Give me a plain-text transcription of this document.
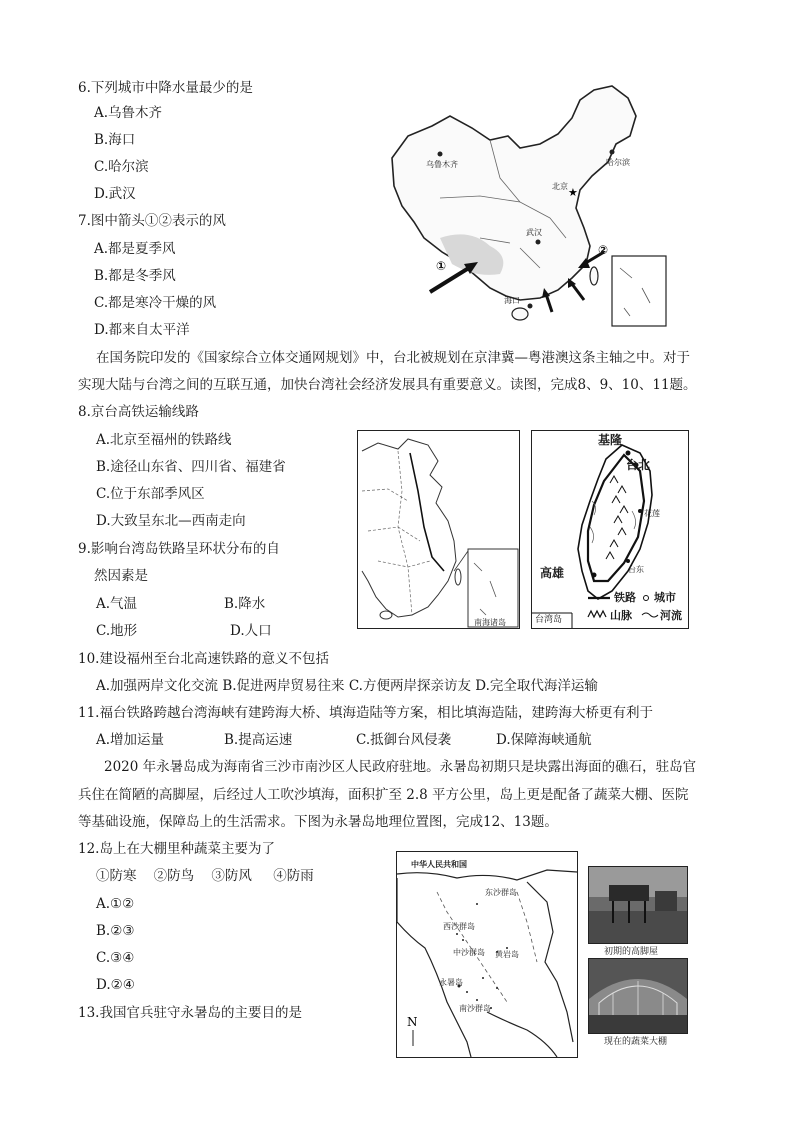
6.下列城市中降水量最少的是
A.乌鲁木齐
B.海口
C.哈尔滨
D.武汉
7.图中箭头①②表示的风
A.都是夏季风
B.都是冬季风
C.都是寒冷干燥的风
D.都来自太平洋
★
乌鲁木齐	哈尔滨
北京
武汉
海口
①
②
在国务院印发的《国家综合立体交通网规划》中，台北被规划在京津冀—粤港澳这条主轴之中。对于
实现大陆与台湾之间的互联互通，加快台湾社会经济发展具有重要意义。读图，完成8、9、10、11题。
8.京台高铁运输线路
A.北京至福州的铁路线
B.途径山东省、四川省、福建省
C.位于东部季风区
D.大致呈东北—西南走向
9.影响台湾岛铁路呈环状分布的自
然因素是
A.气温	B.降水
C.地形	D.人口
南海诸岛
基隆
台北
高雄
花莲
台东
铁路 城市
山脉	河流
台湾岛
10.建设福州至台北高速铁路的意义不包括
A.加强两岸文化交流 B.促进两岸贸易往来 C.方便两岸探亲访友 D.完全取代海洋运输
11.福台铁路跨越台湾海峡有建跨海大桥、填海造陆等方案，相比填海造陆，建跨海大桥更有利于
A.增加运量	B.提高运速	C.抵御台风侵袭	D.保障海峡通航
2020 年永暑岛成为海南省三沙市南沙区人民政府驻地。永暑岛初期只是块露出海面的礁石，驻岛官
兵住在简陋的高脚屋，后经过人工吹沙填海，面积扩至 2.8 平方公里，岛上更是配备了蔬菜大棚、医院
等基础设施，保障岛上的生活需求。下图为永暑岛地理位置图，完成12、13题。
12.岛上在大棚里种蔬菜主要为了
①防寒    ②防鸟    ③防风     ④防雨
A.①②
B.②③
C.③④
D.②④
13.我国官兵驻守永暑岛的主要目的是
N
中华人民共和国
东沙群岛
西沙群岛
中沙群岛 黄岩岛
永暑岛
南沙群岛
初期的高脚屋
现在的蔬菜大棚
